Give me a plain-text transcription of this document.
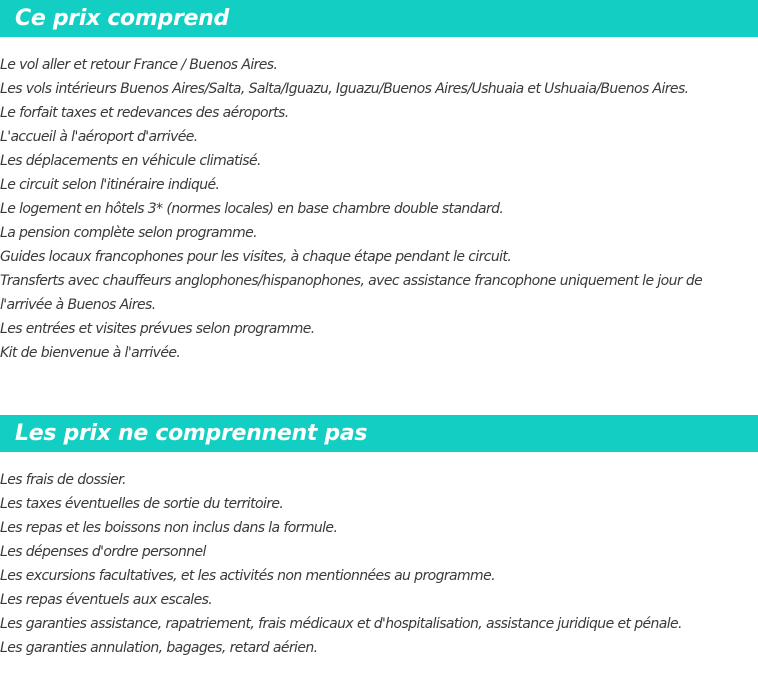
Ce prix comprend
Le vol aller et retour France / Buenos Aires.
Les vols intérieurs Buenos Aires/Salta, Salta/Iguazu, Iguazu/Buenos Aires/Ushuaia et Ushuaia/Buenos Aires.
Le forfait taxes et redevances des aéroports.
L'accueil à l'aéroport d'arrivée.
Les déplacements en véhicule climatisé.
Le circuit selon l'itinéraire indiqué.
Le logement en hôtels 3* (normes locales) en base chambre double standard.
La pension complète selon programme.
Guides locaux francophones pour les visites, à chaque étape pendant le circuit.
Transferts avec chauffeurs anglophones/hispanophones, avec assistance francophone uniquement le jour de l'arrivée à Buenos Aires.
Les entrées et visites prévues selon programme.
Kit de bienvenue à l'arrivée.
Les prix ne comprennent pas
Les frais de dossier.
Les taxes éventuelles de sortie du territoire.
Les repas et les boissons non inclus dans la formule.
Les dépenses d'ordre personnel
Les excursions facultatives, et les activités non mentionnées au programme.
Les repas éventuels aux escales.
Les garanties assistance, rapatriement, frais médicaux et d'hospitalisation, assistance juridique et pénale.
Les garanties annulation, bagages, retard aérien.
